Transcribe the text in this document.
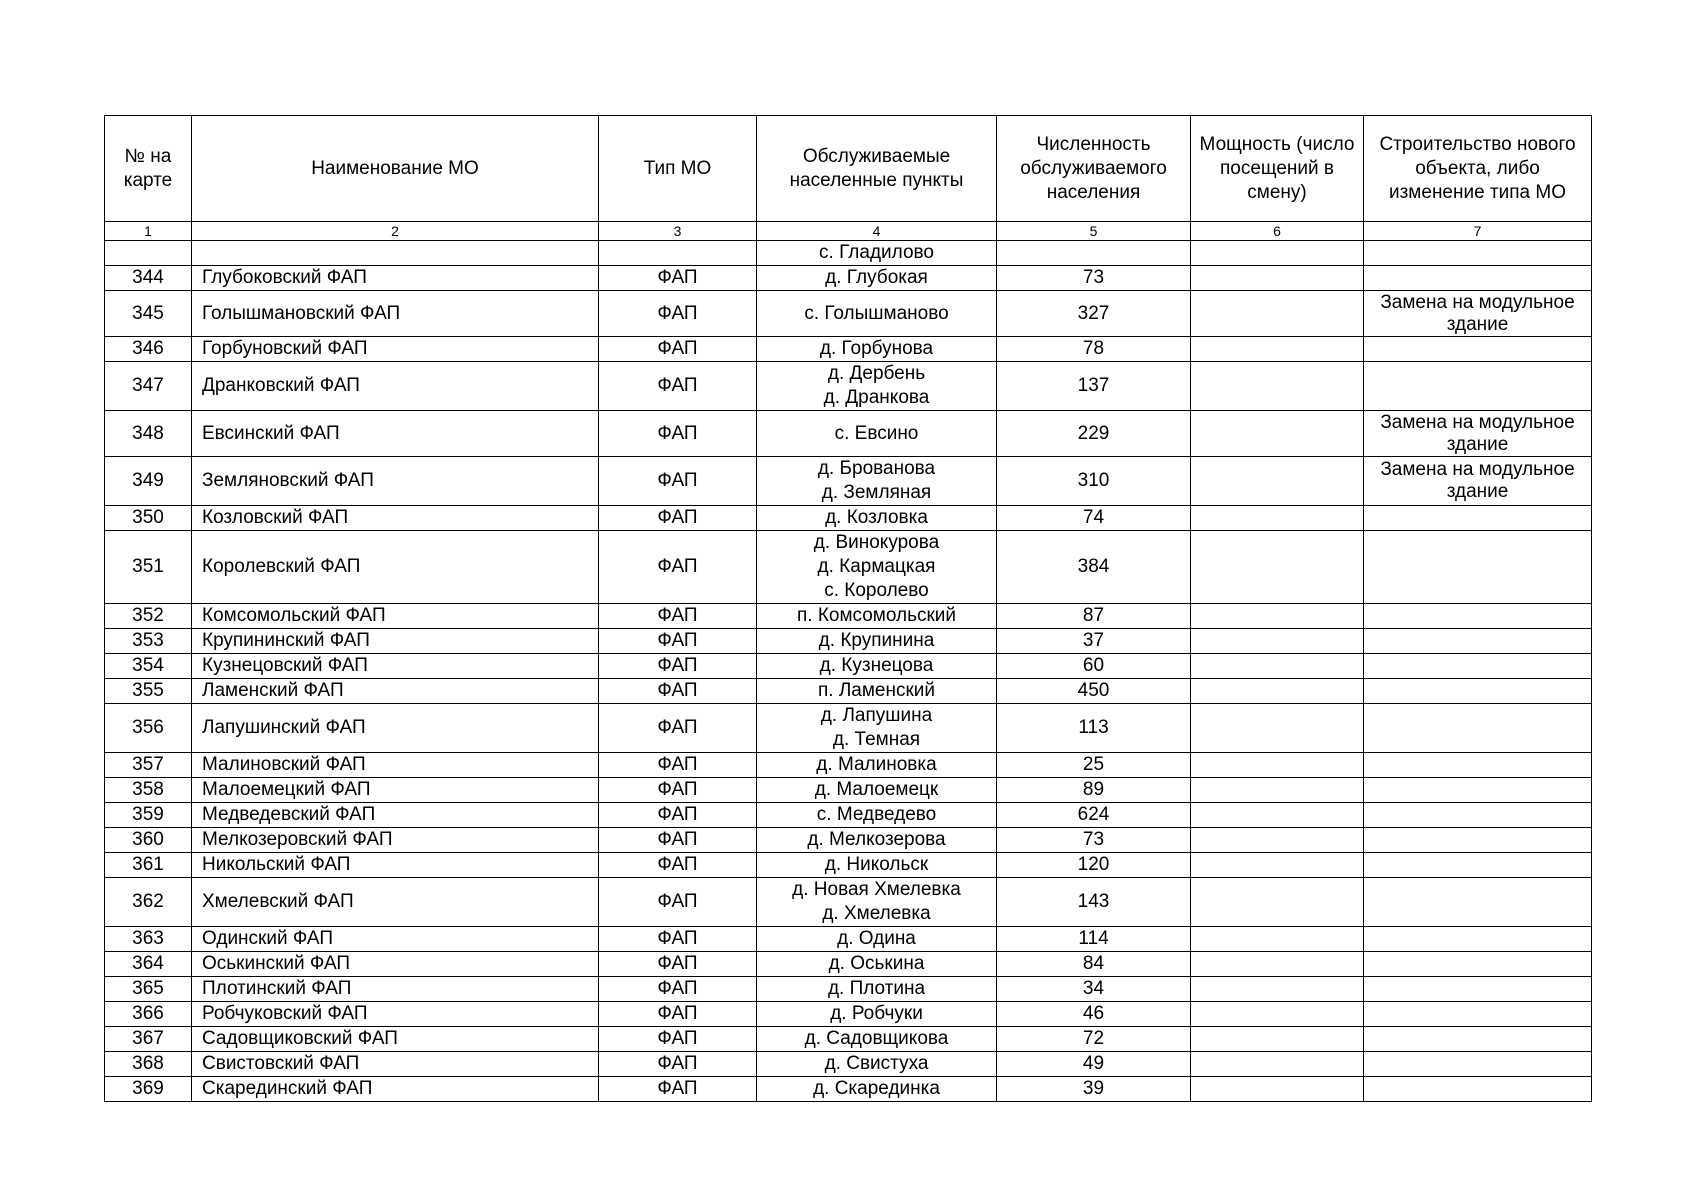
№ на карте	Наименование МО	Тип МО	Обслуживаемые населенные пункты	Численность обслуживаемого населения	Мощность (число посещений в смену)	Строительство нового объекта, либо изменение типа МО
1	2	3	4	5	6	7

			с. Гладилово			

344	Глубоковский ФАП	ФАП	д. Глубокая	73		
345	Голышмановский ФАП	ФАП	с. Голышманово	327		Замена на модульное здание

346	Горбуновский ФАП	ФАП	д. Горбунова	78		
347	Дранковский ФАП	ФАП	д. Дербень
д. Дранкова	137		
348	Евсинский ФАП	ФАП	с. Евсино	229		Замена на модульное здание

349	Земляновский ФАП	ФАП	д. Брованова
д. Земляная	310		Замена на модульное здание

350	Козловский ФАП	ФАП	д. Козловка	74		
351	Королевский ФАП	ФАП	д. Винокурова
д. Кармацкая
с. Королево	384		
352	Комсомольский ФАП	ФАП	п. Комсомольский	87		
353	Крупининский ФАП	ФАП	д. Крупинина	37		
354	Кузнецовский ФАП	ФАП	д. Кузнецова	60		
355	Ламенский ФАП	ФАП	п. Ламенский	450		
356	Лапушинский ФАП	ФАП	д. Лапушина
д. Темная	113		
357	Малиновский ФАП	ФАП	д. Малиновка	25		
358	Малоемецкий ФАП	ФАП	д. Малоемецк	89		
359	Медведевский ФАП	ФАП	с. Медведево	624		
360	Мелкозеровский ФАП	ФАП	д. Мелкозерова	73		
361	Никольский ФАП	ФАП	д. Никольск	120		
362	Хмелевский ФАП	ФАП	д. Новая Хмелевка
д. Хмелевка	143		
363	Одинский ФАП	ФАП	д. Одина	114		
364	Оськинский ФАП	ФАП	д. Оськина	84		
365	Плотинский ФАП	ФАП	д. Плотина	34		
366	Робчуковский ФАП	ФАП	д. Робчуки	46		
367	Садовщиковский ФАП	ФАП	д. Садовщикова	72		
368	Свистовский ФАП	ФАП	д. Свистуха	49		
369	Скарединский ФАП	ФАП	д. Скарединка	39		
